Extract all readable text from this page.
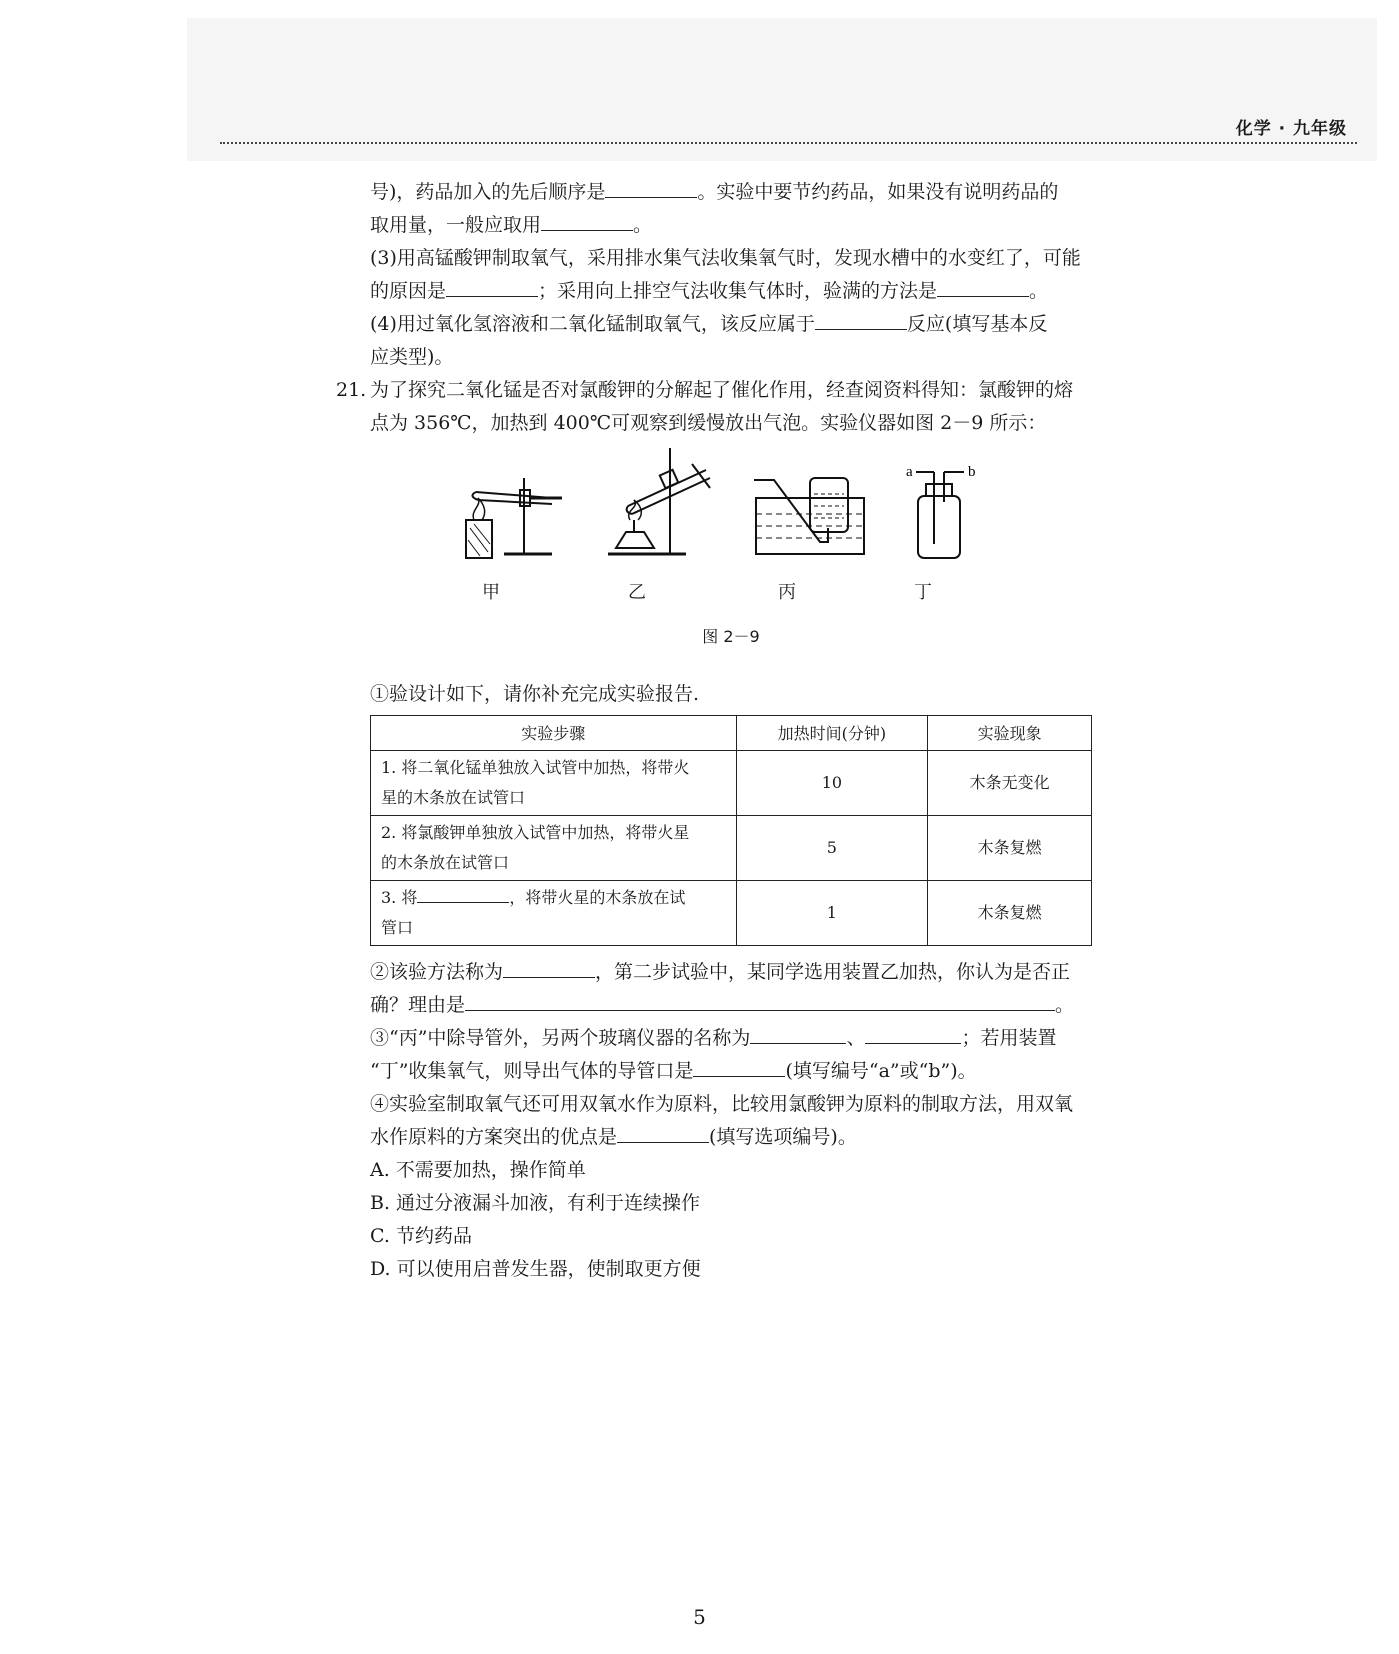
化学 · 九年级

号)，药品加入的先后顺序是	。实验中要节约药品，如果没有说明药品的

取用量，一般应取用	。

(3)用高锰酸钾制取氧气，采用排水集气法收集氧气时，发现水槽中的水变红了，可能
的原因是	；采用向上排空气法收集气体时，验满的方法是	。

(4)用过氧化氢溶液和二氧化锰制取氧气，该反应属于	反应(填写基本反
应类型)。

21. 为了探究二氧化锰是否对氯酸钾的分解起了催化作用，经查阅资料得知：氯酸钾的熔
点为 356℃，加热到 400℃可观察到缓慢放出气泡。实验仪器如图 2－9 所示：

a	b
甲	乙	丙	丁
图 2－9

①验设计如下，请你补充完成实验报告.

实验步骤	加热时间(分钟)	实验现象
1. 将二氧化锰单独放入试管中加热，将带火
星的木条放在试管口	10	木条无变化
2. 将氯酸钾单独放入试管中加热，将带火星
的木条放在试管口	5	木条复燃
3. 将 ，将带火星的木条放在试
管口	1	木条复燃

②该验方法称为	，第二步试验中，某同学选用装置乙加热，你认为是否正
确？理由是	。

③“丙”中除导管外，另两个玻璃仪器的名称为	、	；若用装置
“丁”收集氧气，则导出气体的导管口是	(填写编号“a”或“b”)。

④实验室制取氧气还可用双氧水作为原料，比较用氯酸钾为原料的制取方法，用双氧
水作原料的方案突出的优点是	(填写选项编号)。

A. 不需要加热，操作简单

B. 通过分液漏斗加液，有利于连续操作

C. 节约药品

D. 可以使用启普发生器，使制取更方便

5
